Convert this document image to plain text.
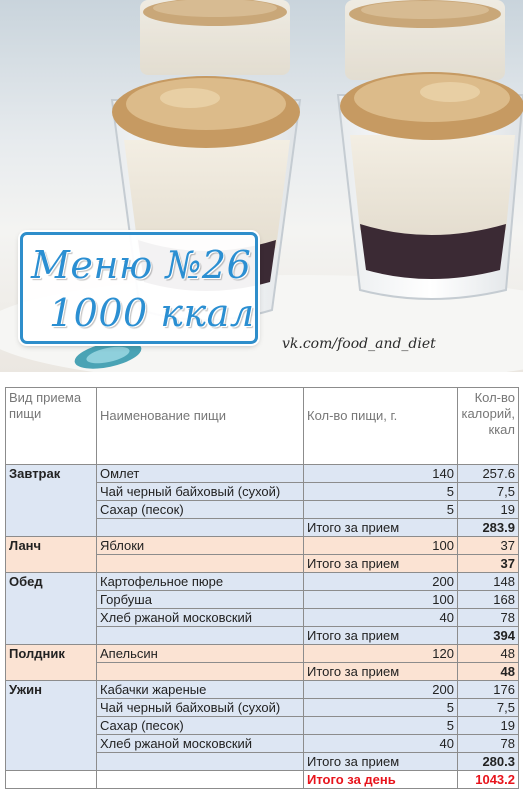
Меню №26
1000 ккал
vk.com/food_and_diet
Вид приема пищи	Наименование пищи	Кол-во пищи, г.	Кол-во калорий, ккал
Завтрак	Омлет	140	257.6
	Чай черный байховый (сухой)	5	7,5
	Сахар (песок)	5	19
		Итого за прием	283.9
Ланч	Яблоки	100	37
		Итого за прием	37
Обед	Картофельное пюре	200	148
	Горбуша	100	168
	Хлеб ржаной московский	40	78
		Итого за прием	394
Полдник	Апельсин	120	48
		Итого за прием	48
Ужин	Кабачки жареные	200	176
	Чай черный байховый (сухой)	5	7,5
	Сахар (песок)	5	19
	Хлеб ржаной московский	40	78
		Итого за прием	280.3
		Итого за день	1043.2
